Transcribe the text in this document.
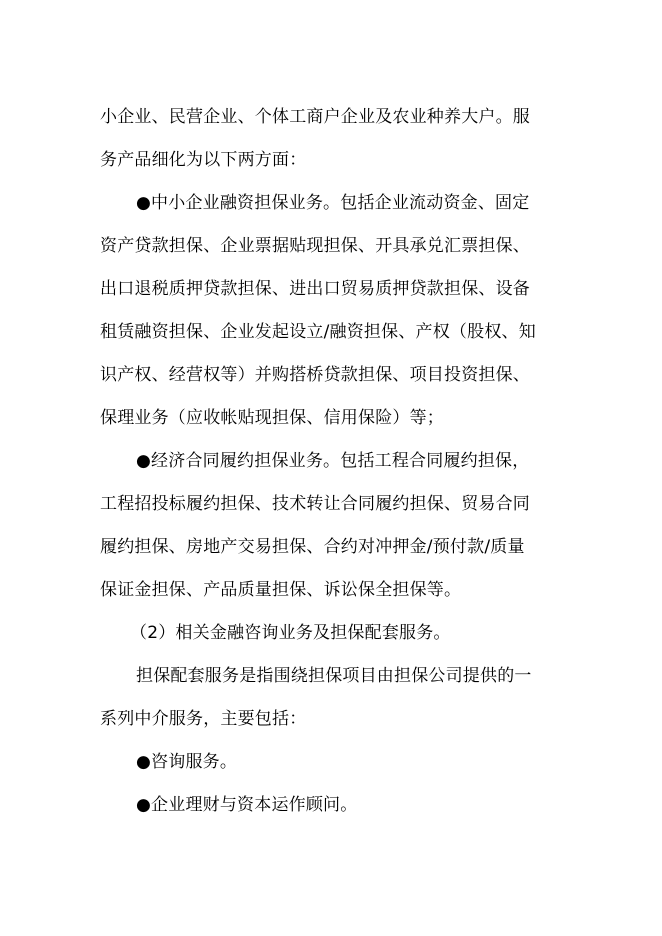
小企业、民营企业、个体工商户企业及农业种养大户。服
务产品细化为以下两方面：
●中小企业融资担保业务。包括企业流动资金、固定
资产贷款担保、企业票据贴现担保、开具承兑汇票担保、
出口退税质押贷款担保、进出口贸易质押贷款担保、设备
租赁融资担保、企业发起设立/融资担保、产权（股权、知
识产权、经营权等）并购搭桥贷款担保、项目投资担保、
保理业务（应收帐贴现担保、信用保险）等；
●经济合同履约担保业务。包括工程合同履约担保，
工程招投标履约担保、技术转让合同履约担保、贸易合同
履约担保、房地产交易担保、合约对冲押金/预付款/质量
保证金担保、产品质量担保、诉讼保全担保等。
（2）相关金融咨询业务及担保配套服务。
担保配套服务是指围绕担保项目由担保公司提供的一
系列中介服务，主要包括：
●咨询服务。
●企业理财与资本运作顾问。
